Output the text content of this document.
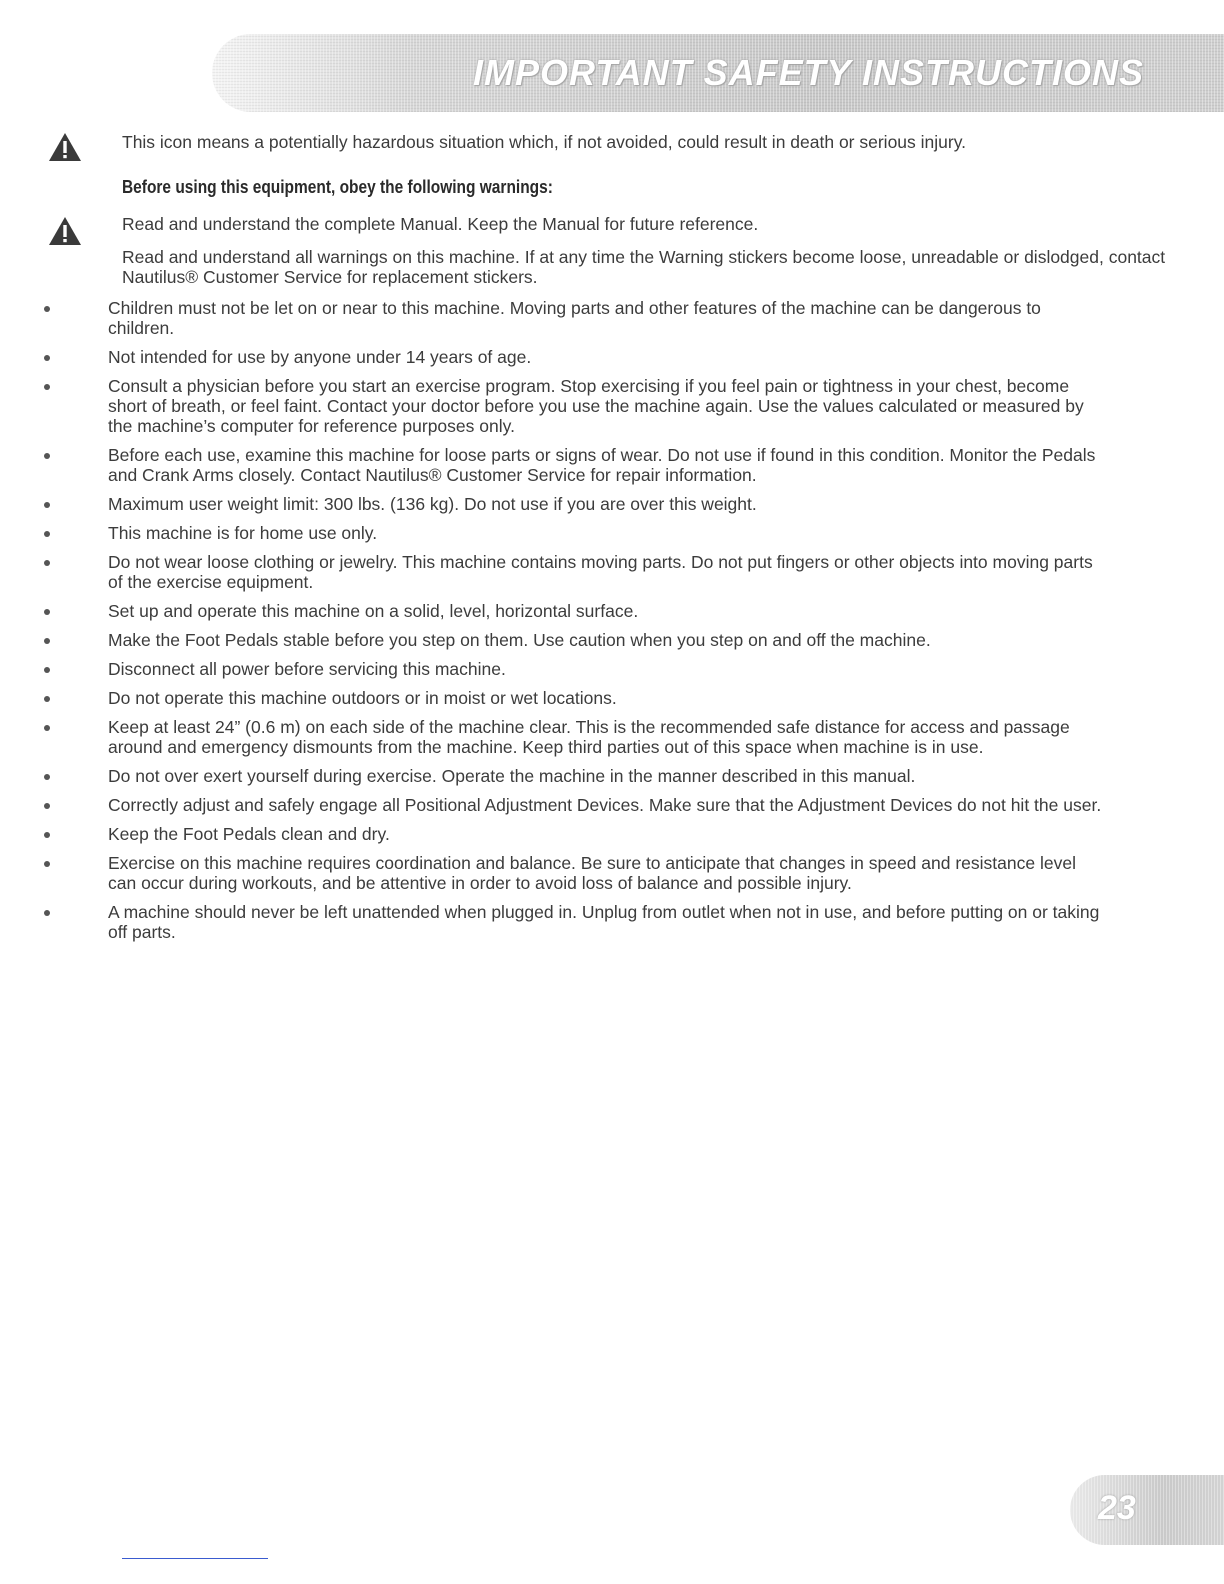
IMPORTANT SAFETY INSTRUCTIONS
This icon means a potentially hazardous situation which, if not avoided, could result in death or serious injury.
Before using this equipment, obey the following warnings:
Read and understand the complete Manual. Keep the Manual for future reference.
Read and understand all warnings on this machine. If at any time the Warning stickers become loose, unreadable or dislodged, contact Nautilus® Customer Service for replacement stickers.
Children must not be let on or near to this machine. Moving parts and other features of the machine can be dangerous to children.
Not intended for use by anyone under 14 years of age.
Consult a physician before you start an exercise program. Stop exercising if you feel pain or tightness in your chest, become short of breath, or feel faint. Contact your doctor before you use the machine again. Use the values calculated or measured by the machine’s computer for reference purposes only.
Before each use, examine this machine for loose parts or signs of wear. Do not use if found in this condition. Monitor the Pedals and Crank Arms closely. Contact Nautilus® Customer Service for repair information.
Maximum user weight limit: 300 lbs. (136 kg). Do not use if you are over this weight.
This machine is for home use only.
Do not wear loose clothing or jewelry. This machine contains moving parts. Do not put fingers or other objects into moving parts of the exercise equipment.
Set up and operate this machine on a solid, level, horizontal surface.
Make the Foot Pedals stable before you step on them. Use caution when you step on and off the machine.
Disconnect all power before servicing this machine.
Do not operate this machine outdoors or in moist or wet locations.
Keep at least 24” (0.6 m) on each side of the machine clear. This is the recommended safe distance for access and passage around and emergency dismounts from the machine. Keep third parties out of this space when machine is in use.
Do not over exert yourself during exercise. Operate the machine in the manner described in this manual.
Correctly adjust and safely engage all Positional Adjustment Devices. Make sure that the Adjustment Devices do not hit the user.
Keep the Foot Pedals clean and dry.
Exercise on this machine requires coordination and balance. Be sure to anticipate that changes in speed and resistance level can occur during workouts, and be attentive in order to avoid loss of balance and possible injury.
A machine should never be left unattended when plugged in. Unplug from outlet when not in use, and before putting on or taking off parts.
23
